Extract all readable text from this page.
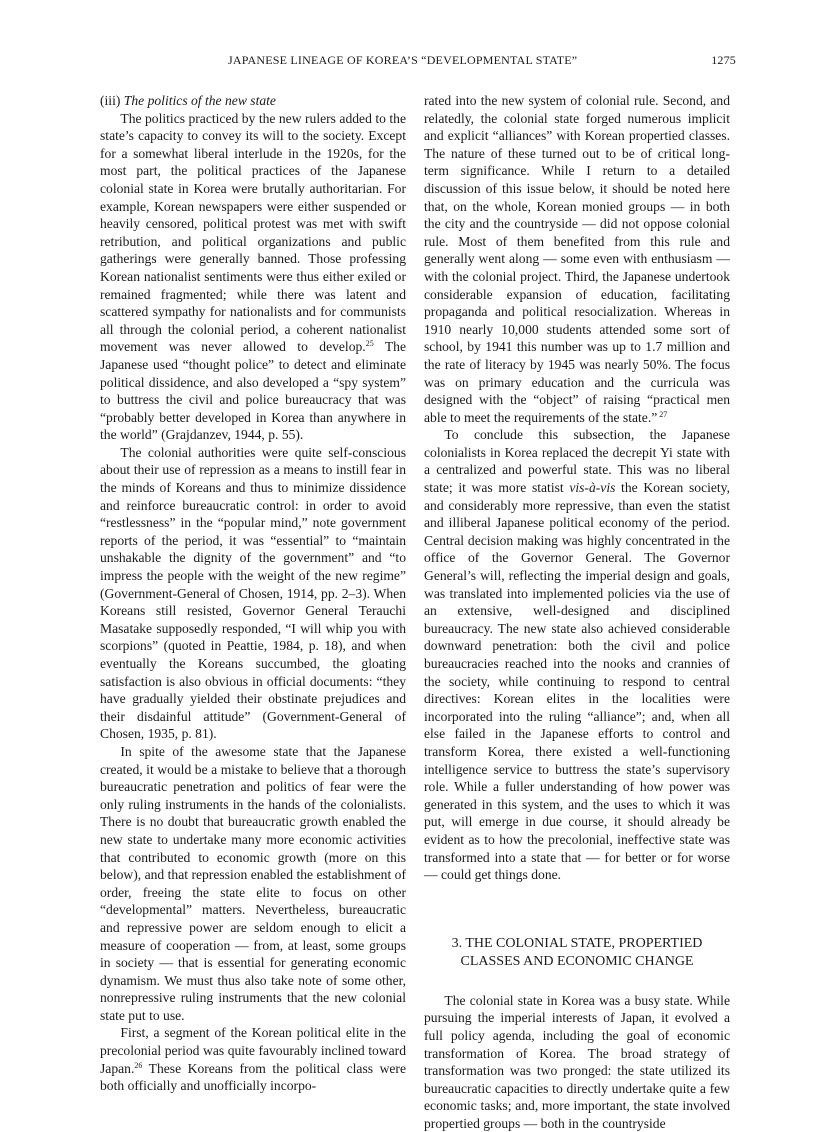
JAPANESE LINEAGE OF KOREA’S “DEVELOPMENTAL STATE”	1275

(iii) The politics of the new state

The politics practiced by the new rulers added to the state’s capacity to convey its will to the society. Except for a somewhat liberal interlude in the 1920s, for the most part, the political practices of the Japanese colonial state in Korea were brutally authoritarian. For example, Korean newspapers were either suspended or heavily censored, political protest was met with swift retribution, and political organizations and public gatherings were generally banned. Those professing Korean nationalist sentiments were thus either exiled or remained fragmented; while there was latent and scattered sympathy for nationalists and for communists all through the colonial period, a coherent nationalist movement was never allowed to develop.$^{25}$ The Japanese used “thought police” to detect and eliminate political dissidence, and also developed a “spy system” to buttress the civil and police bureaucracy that was “probably better developed in Korea than anywhere in the world” (Grajdanzev, 1944, p. 55).

The colonial authorities were quite self-conscious about their use of repression as a means to instill fear in the minds of Koreans and thus to minimize dissidence and reinforce bureaucratic control: in order to avoid “restlessness” in the “popular mind,” note government reports of the period, it was “essential” to “maintain unshakable the dignity of the government” and “to impress the people with the weight of the new regime” (Government-General of Chosen, 1914, pp. 2–3). When Koreans still resisted, Governor General Terauchi Masatake supposedly responded, “I will whip you with scorpions” (quoted in Peattie, 1984, p. 18), and when eventually the Koreans succumbed, the gloating satisfaction is also obvious in official documents: “they have gradually yielded their obstinate prejudices and their disdainful attitude” (Government-General of Chosen, 1935, p. 81).

In spite of the awesome state that the Japanese created, it would be a mistake to believe that a thorough bureaucratic penetration and politics of fear were the only ruling instruments in the hands of the colonialists. There is no doubt that bureaucratic growth enabled the new state to undertake many more economic activities that contributed to economic growth (more on this below), and that repression enabled the establishment of order, freeing the state elite to focus on other “developmental” matters. Nevertheless, bureaucratic and repressive power are seldom enough to elicit a measure of cooperation — from, at least, some groups in society — that is essential for generating economic dynamism. We must thus also take note of some other, nonrepressive ruling instruments that the new colonial state put to use.

First, a segment of the Korean political elite in the precolonial period was quite favourably inclined toward Japan.$^{26}$ These Koreans from the political class were both officially and unofficially incorpo-

rated into the new system of colonial rule. Second, and relatedly, the colonial state forged numerous implicit and explicit “alliances” with Korean propertied classes. The nature of these turned out to be of critical long-term significance. While I return to a detailed discussion of this issue below, it should be noted here that, on the whole, Korean monied groups — in both the city and the countryside — did not oppose colonial rule. Most of them benefited from this rule and generally went along — some even with enthusiasm — with the colonial project. Third, the Japanese undertook considerable expansion of education, facilitating propaganda and political resocialization. Whereas in 1910 nearly 10,000 students attended some sort of school, by 1941 this number was up to 1.7 million and the rate of literacy by 1945 was nearly 50%. The focus was on primary education and the curricula was designed with the “object” of raising “practical men able to meet the requirements of the state.” $^{27}$

To conclude this subsection, the Japanese colonialists in Korea replaced the decrepit Yi state with a centralized and powerful state. This was no liberal state; it was more statist vis-à-vis the Korean society, and considerably more repressive, than even the statist and illiberal Japanese political economy of the period. Central decision making was highly concentrated in the office of the Governor General. The Governor General’s will, reflecting the imperial design and goals, was translated into implemented policies via the use of an extensive, well-designed and disciplined bureaucracy. The new state also achieved considerable downward penetration: both the civil and police bureaucracies reached into the nooks and crannies of the society, while continuing to respond to central directives: Korean elites in the localities were incorporated into the ruling “alliance”; and, when all else failed in the Japanese efforts to control and transform Korea, there existed a well-functioning intelligence service to buttress the state’s supervisory role. While a fuller understanding of how power was generated in this system, and the uses to which it was put, will emerge in due course, it should already be evident as to how the precolonial, ineffective state was transformed into a state that — for better or for worse — could get things done.

3. THE COLONIAL STATE, PROPERTIED
CLASSES AND ECONOMIC CHANGE

The colonial state in Korea was a busy state. While pursuing the imperial interests of Japan, it evolved a full policy agenda, including the goal of economic transformation of Korea. The broad strategy of transformation was two pronged: the state utilized its bureaucratic capacities to directly undertake quite a few economic tasks; and, more important, the state involved propertied groups — both in the countryside
